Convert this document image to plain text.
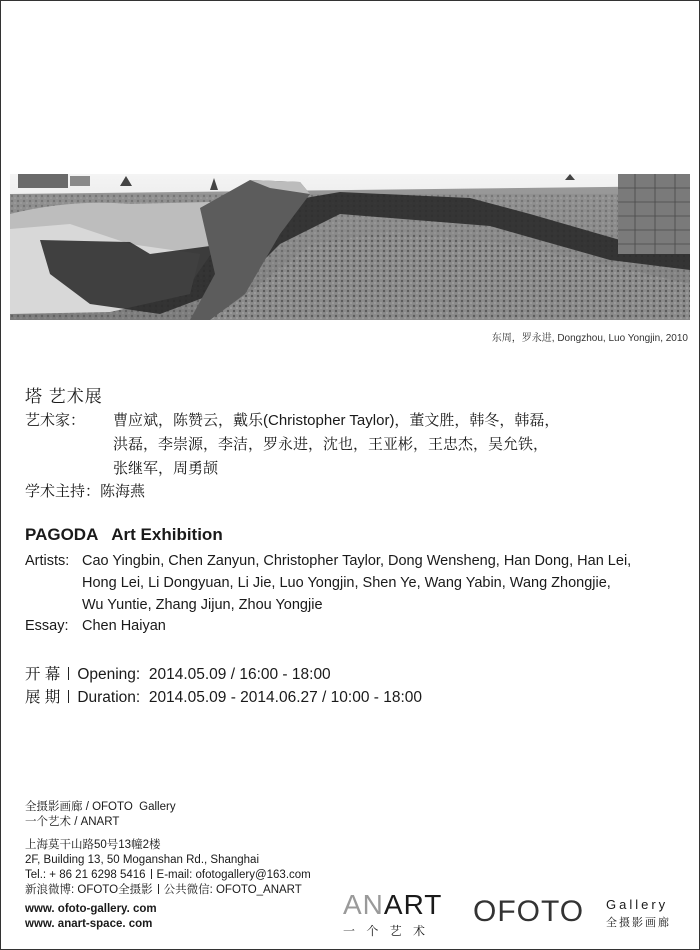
东周，罗永进, Dongzhou, Luo Yongjin, 2010
塔 艺术展
艺术家： 曹应斌，陈赞云，戴乐(Christopher Taylor)，董文胜，韩冬，韩磊，
洪磊，李崇源，李洁，罗永进，沈也，王亚彬，王忠杰，吴允铁，
张继军，周勇颉
学术主持：陈海燕
PAGODA   Art Exhibition
Artists: Cao Yingbin, Chen Zanyun, Christopher Taylor, Dong Wensheng, Han Dong, Han Lei,
Hong Lei, Li Dongyuan, Li Jie, Luo Yongjin, Shen Ye, Wang Yabin, Wang Zhongjie,
Wu Yuntie, Zhang Jijun, Zhou Yongjie
Essay: Chen Haiyan
开 幕 Opening:  2014.05.09 / 16:00 - 18:00
展 期 Duration:  2014.05.09 - 2014.06.27 / 10:00 - 18:00
全摄影画廊 / OFOTO  Gallery
一个艺术 / ANART
上海莫干山路50号13幢2楼
2F, Building 13, 50 Moganshan Rd., Shanghai
Tel.: + 86 21 6298 5416 E-mail: ofotogallery@163.com
新浪微博: OFOTO全摄影 公共微信: OFOTO_ANART
www. ofoto-gallery. com
www. anart-space. com
ANART
一 个 艺 术
OFOTO Gallery
全摄影画廊
